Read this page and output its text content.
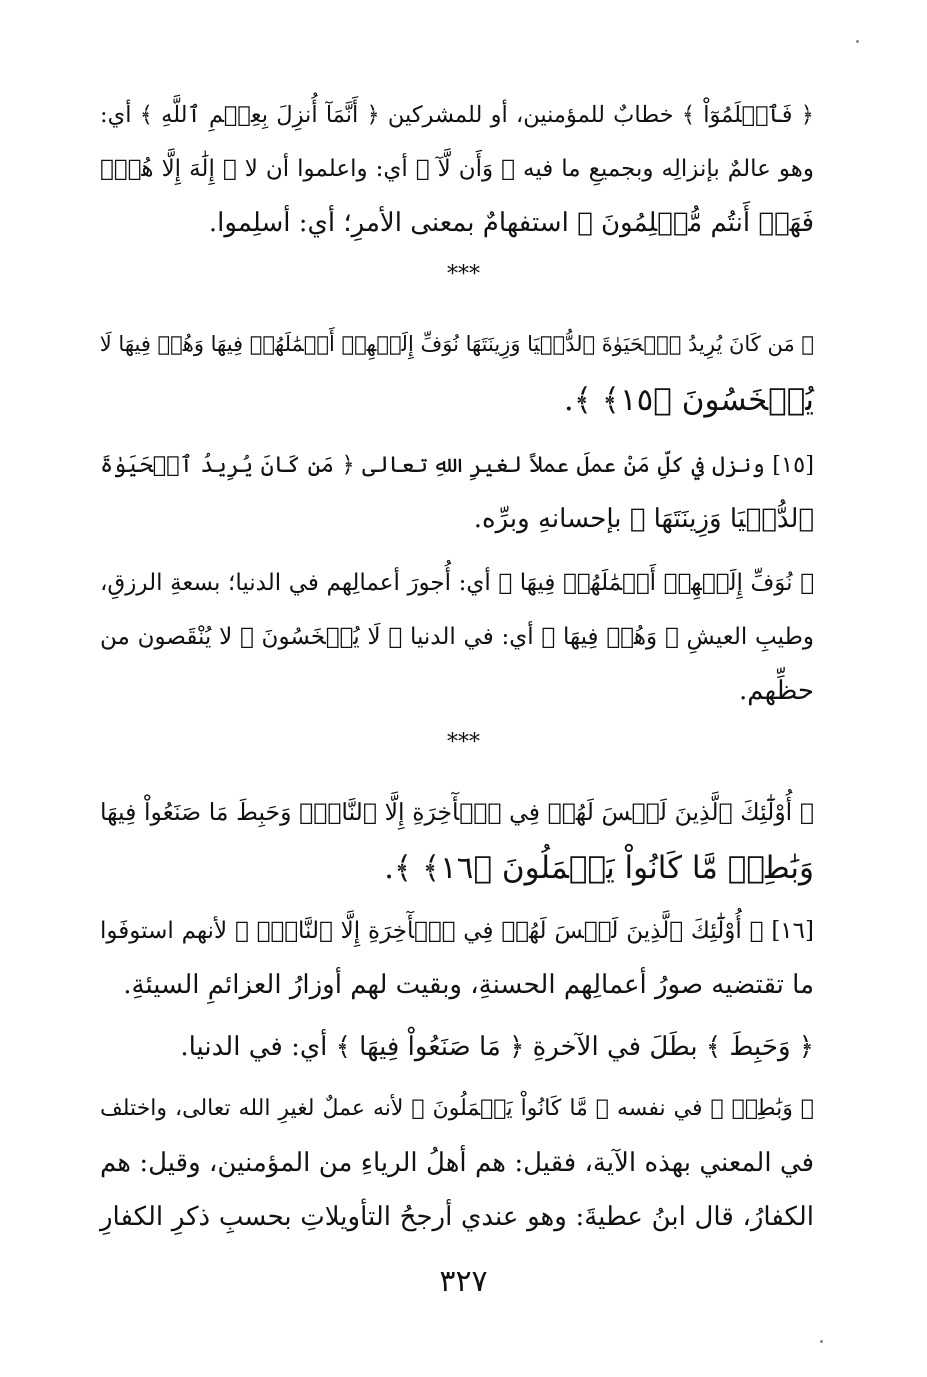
﴿ فَٱعۡلَمُوٓاْ ﴾ خطابٌ للمؤمنين، أو للمشركين ﴿ أَنَّمَآ أُنزِلَ بِعِلۡمِ ٱللَّهِ ﴾ أي:
وهو عالمٌ بإنزالِه وبجميعِ ما فيه ﴿ وَأَن لَّآ ﴾ أي: واعلموا أن لا ﴿ إِلَٰهَ إِلَّا هُوَۖ
فَهَلۡ أَنتُم مُّسۡلِمُونَ ﴾ استفهامٌ بمعنى الأمرِ؛ أي: أسلِموا.
***
﴿ مَن كَانَ يُرِيدُ ٱلۡحَيَوٰةَ ٱلدُّنۡيَا وَزِينَتَهَا نُوَفِّ إِلَيۡهِمۡ أَعۡمَٰلَهُمۡ فِيهَا وَهُمۡ فِيهَا لَا
يُبۡخَسُونَ ﴿١٥﴾ ﴾.
[١٥] ونزل في كلِّ مَنْ عملَ عملاً لغيرِ اللهِ تعالى ﴿ مَن كَانَ يُرِيدُ ٱلۡحَيَوٰةَ
ٱلدُّنۡيَا وَزِينَتَهَا ﴾ بإحسانهِ وبرِّه.
﴿ نُوَفِّ إِلَيۡهِمۡ أَعۡمَٰلَهُمۡ فِيهَا ﴾ أي: أُجورَ أعمالِهم في الدنيا؛ بسعةِ الرزقِ،
وطيبِ العيشِ ﴿ وَهُمۡ فِيهَا ﴾ أي: في الدنيا ﴿ لَا يُبۡخَسُونَ ﴾ لا يُنْقَصون من
حظِّهم.
***
﴿ أُوْلَٰٓئِكَ ٱلَّذِينَ لَيۡسَ لَهُمۡ فِي ٱلۡأٓخِرَةِ إِلَّا ٱلنَّارُۖ وَحَبِطَ مَا صَنَعُواْ فِيهَا
وَبَٰطِلٞ مَّا كَانُواْ يَعۡمَلُونَ ﴿١٦﴾ ﴾.
[١٦] ﴿ أُوْلَٰٓئِكَ ٱلَّذِينَ لَيۡسَ لَهُمۡ فِي ٱلۡأٓخِرَةِ إِلَّا ٱلنَّارُۖ ﴾ لأنهم استوفَوا
ما تقتضيه صورُ أعمالِهم الحسنةِ، وبقيت لهم أوزارُ العزائمِ السيئةِ.
﴿ وَحَبِطَ ﴾ بطَلَ في الآخرةِ ﴿ مَا صَنَعُواْ فِيهَا ﴾ أي: في الدنيا.
﴿ وَبَٰطِلٞ ﴾ في نفسه ﴿ مَّا كَانُواْ يَعۡمَلُونَ ﴾ لأنه عملٌ لغيرِ الله تعالى، واختلف
في المعني بهذه الآية، فقيل: هم أهلُ الرياءِ من المؤمنين، وقيل: هم
الكفارُ، قال ابنُ عطيةَ: وهو عندي أرجحُ التأويلاتِ بحسبِ ذكرِ الكفارِ
٣٢٧
